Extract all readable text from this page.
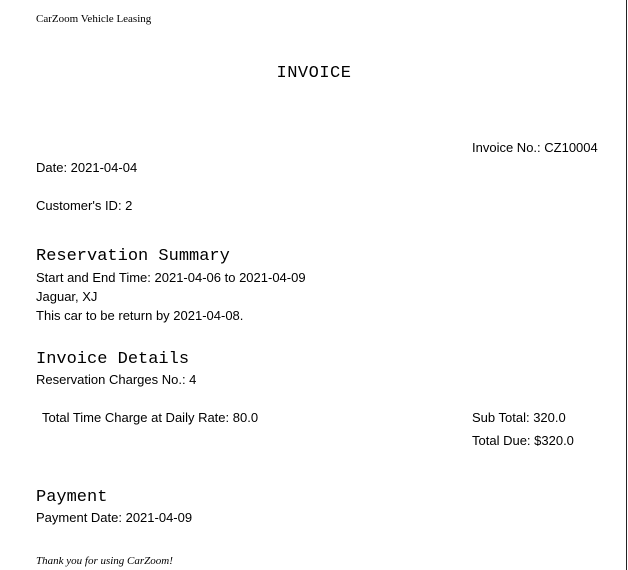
CarZoom Vehicle Leasing
INVOICE
Invoice No.: CZ10004
Date: 2021-04-04
Customer's ID: 2
Reservation Summary
Start and End Time: 2021-04-06 to 2021-04-09
Jaguar, XJ
This car to be return by 2021-04-08.
Invoice Details
Reservation Charges No.: 4
Total Time Charge at Daily Rate: 80.0	Sub Total: 320.0
Total Due: $320.0
Payment
Payment Date: 2021-04-09
Thank you for using CarZoom!
